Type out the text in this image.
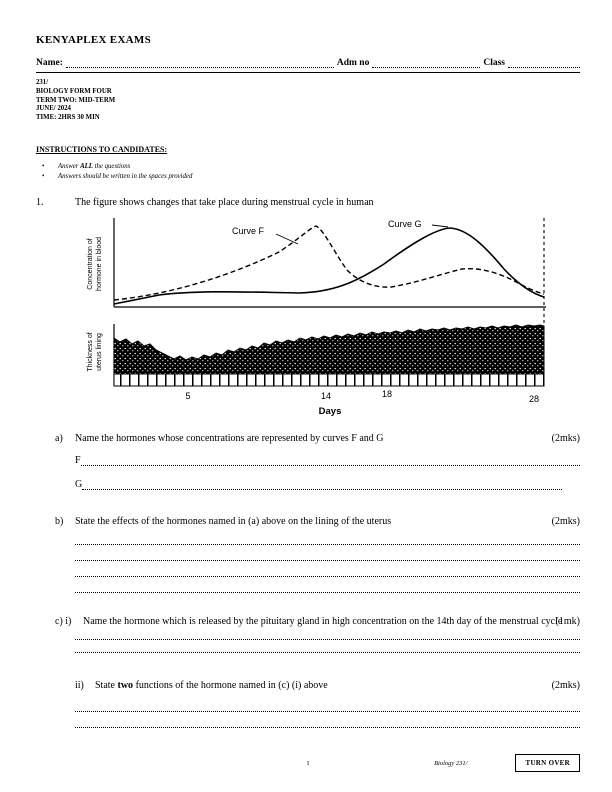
KENYAPLEX EXAMS
Name:	Adm no	Class
231/
BIOLOGY FORM FOUR
TERM TWO: MID-TERM
JUNE/ 2024
TIME: 2HRS 30 MIN
INSTRUCTIONS TO CANDIDATES:
•	Answer ALL the questions
•	Answers should be written in the spaces provided
1.	The figure shows changes that take place during menstrual cycle in human
Concentration of hormone in blood
Curve F
Curve G
Thickness of uterus lining
5	14	18	28
Days
a)	Name the hormones whose concentrations are represented by curves F and G	(2mks)
F
G
b)	State the effects of the hormones named in (a) above on the lining of the uterus	(2mks)
c) i)	Name the hormone which is released by the pituitary gland in high concentration on the 14th day of the menstrual cycle
(1mk)
ii)	State two functions of the hormone named in (c) (i) above	(2mks)
1	Biology 231/	TURN OVER
